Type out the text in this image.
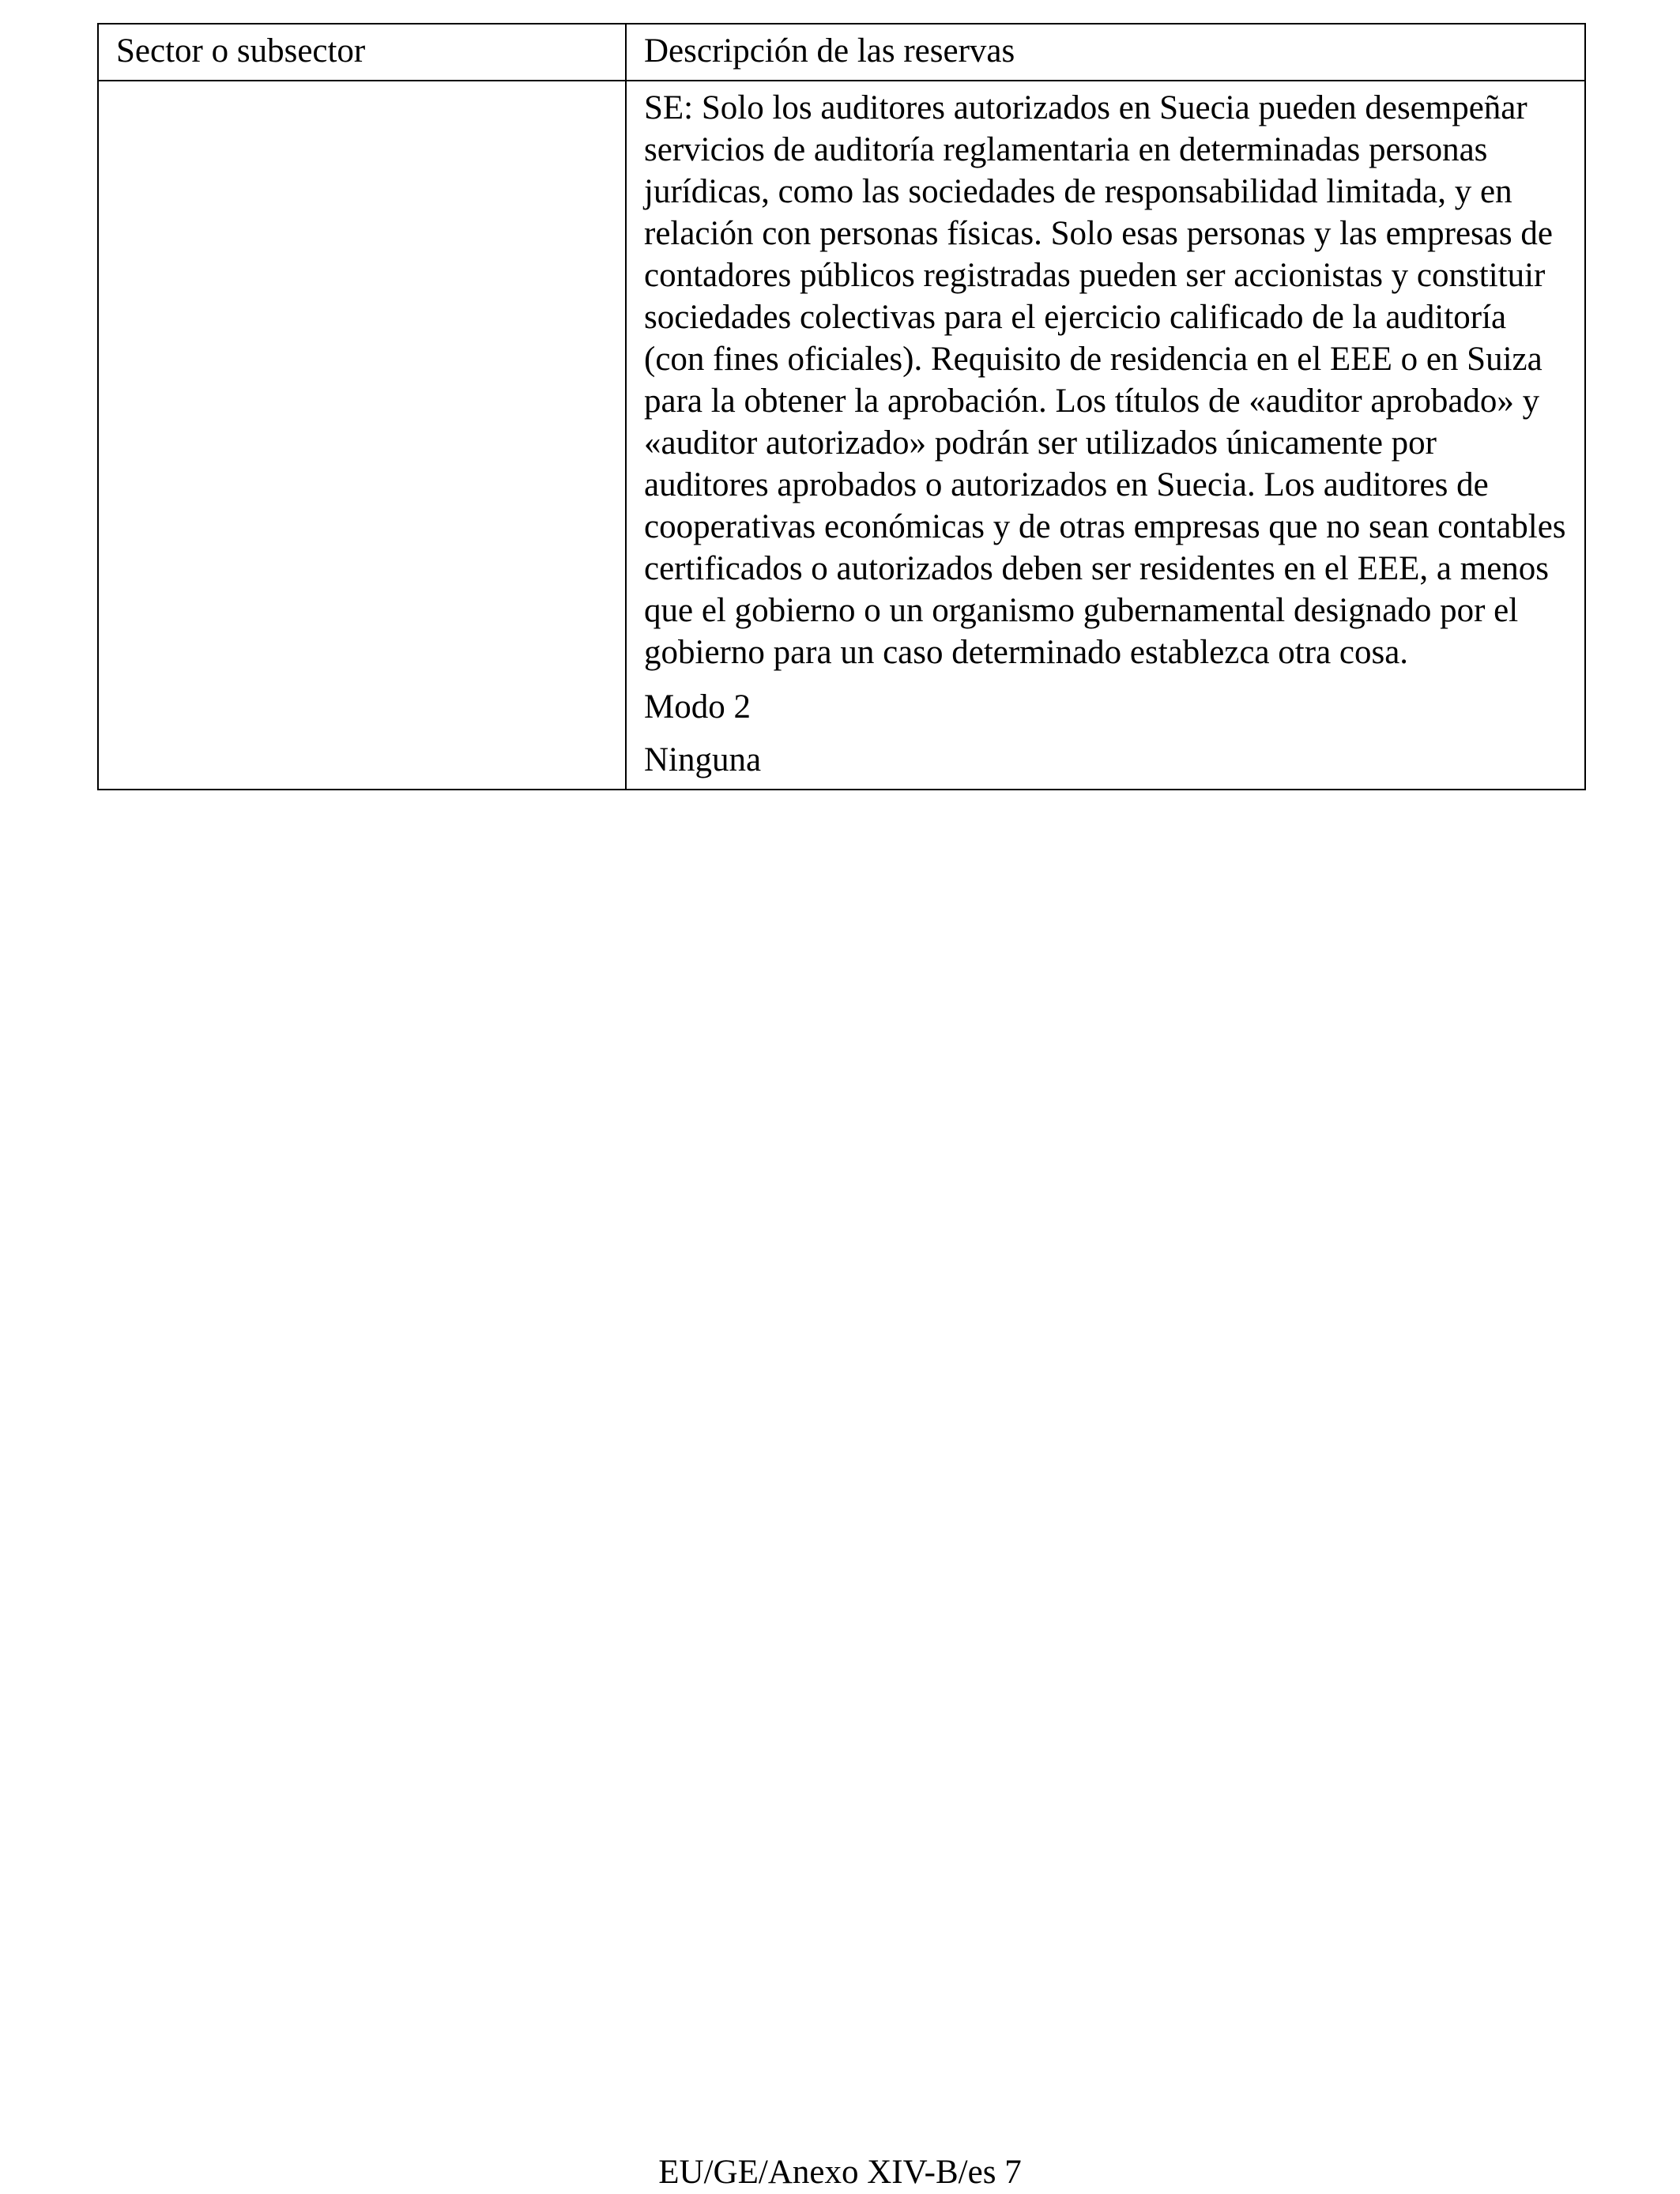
Sector o subsector	Descripción de las reservas

	SE: Solo los auditores autorizados en Suecia pueden desempeñar servicios de auditoría reglamentaria en determinadas personas jurídicas, como las sociedades de responsabilidad limitada, y en relación con personas físicas. Solo esas personas y las empresas de contadores públicos registradas pueden ser accionistas y constituir sociedades colectivas para el ejercicio calificado de la auditoría (con fines oficiales). Requisito de residencia en el EEE o en Suiza para la obtener la aprobación. Los títulos de «auditor aprobado» y «auditor autorizado» podrán ser utilizados únicamente por auditores aprobados o autorizados en Suecia. Los auditores de cooperativas económicas y de otras empresas que no sean contables certificados o autorizados deben ser residentes en el EEE, a menos que el gobierno o un organismo gubernamental designado por el gobierno para un caso determinado establezca otra cosa.

Modo 2

Ninguna

EU/GE/Anexo XIV-B/es 7
